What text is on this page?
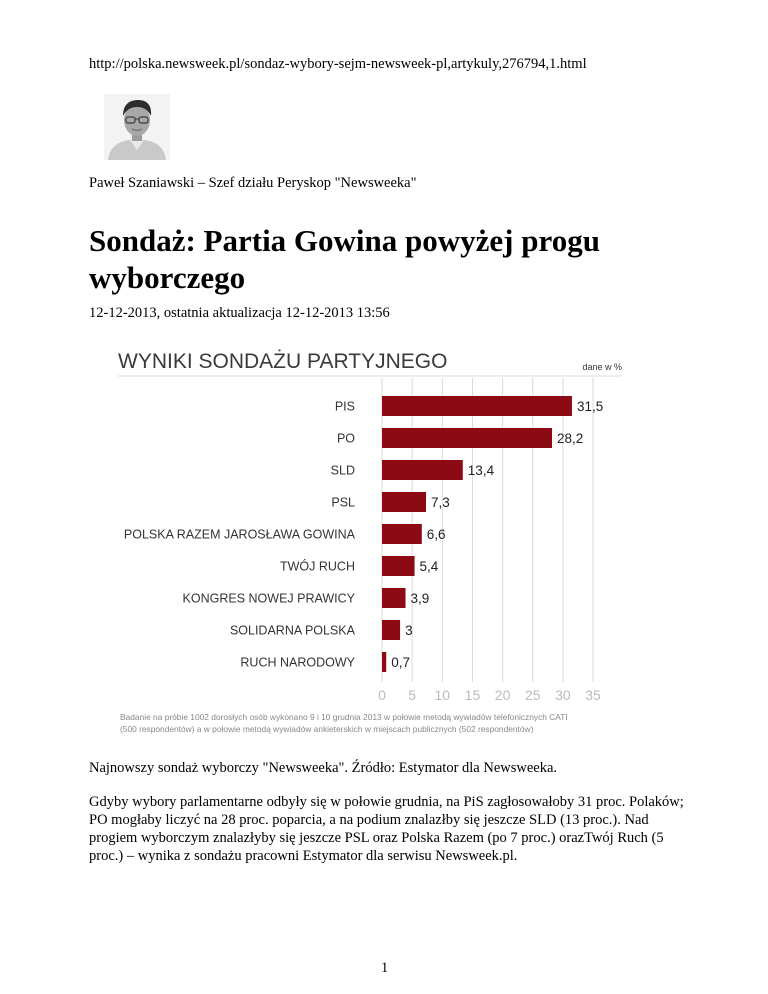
http://polska.newsweek.pl/sondaz-wybory-sejm-newsweek-pl,artykuly,276794,1.html
Paweł Szaniawski – Szef działu Peryskop "Newsweeka"
Sondaż: Partia Gowina powyżej progu wyborczego
12-12-2013, ostatnia aktualizacja 12-12-2013 13:56
WYNIKI SONDAŻU PARTYJNEGO	dane w %
PIS	31,5
PO	28,2
SLD	13,4
PSL	7,3
POLSKA RAZEM JAROSŁAWA GOWINA	6,6
TWÓJ RUCH	5,4
KONGRES NOWEJ PRAWICY	3,9
SOLIDARNA POLSKA	3
RUCH NARODOWY	0,7
0 5 10 15 20 25 30 35
Badanie na próbie 1002 dorosłych osób wykonano 9 i 10 grudnia 2013 w połowie metodą wywiadów telefonicznych CATI
(500 respondentów) a w połowie metodą wywiadów ankieterskich w miejscach publicznych (502 respondentów)
Najnowszy sondaż wyborczy "Newsweeka". Źródło: Estymator dla Newsweeka.

Gdyby wybory parlamentarne odbyły się w połowie grudnia, na PiS zagłosowałoby 31 proc. Polaków; PO mogłaby liczyć na 28 proc. poparcia, a na podium znalazłby się jeszcze SLD (13 proc.). Nad progiem wyborczym znalazłyby się jeszcze PSL oraz Polska Razem (po 7 proc.) orazTwój Ruch (5 proc.) – wynika z sondażu pracowni Estymator dla serwisu Newsweek.pl.

1
